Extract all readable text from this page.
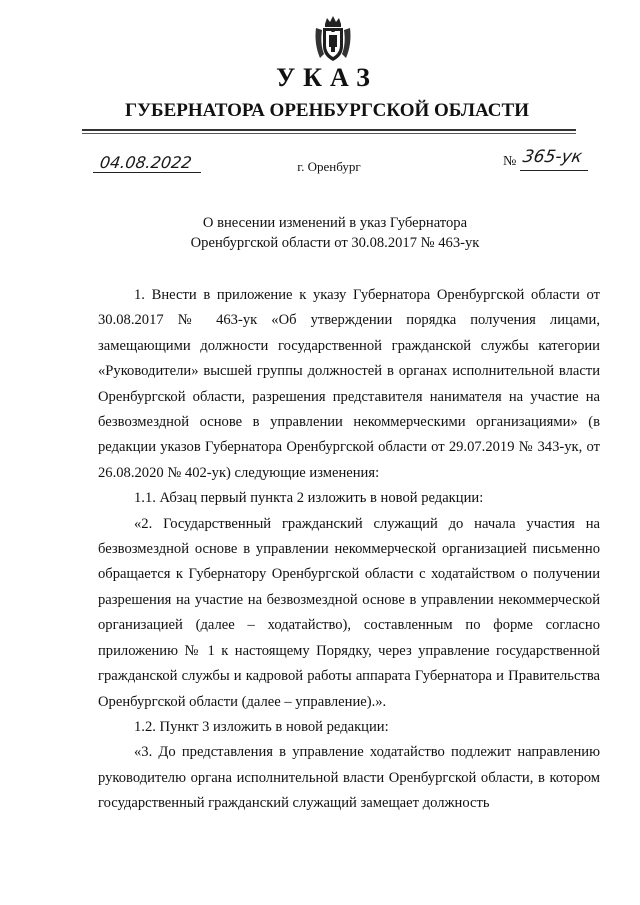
УКАЗ
ГУБЕРНАТОРА ОРЕНБУРГСКОЙ ОБЛАСТИ
04.08.2022	г. Оренбург	№ 365-ук
О внесении изменений в указ Губернатора
Оренбургской области от 30.08.2017 № 463-ук

1. Внести в приложение к указу Губернатора Оренбургской области от 30.08.2017 № 463-ук «Об утверждении порядка получения лицами, замещающими должности государственной гражданской службы категории «Руководители» высшей группы должностей в органах исполнительной власти Оренбургской области, разрешения представителя нанимателя на участие на безвозмездной основе в управлении некоммерческими организациями» (в редакции указов Губернатора Оренбургской области от 29.07.2019 № 343-ук, от 26.08.2020 № 402-ук) следующие изменения:

1.1. Абзац первый пункта 2 изложить в новой редакции:

«2. Государственный гражданский служащий до начала участия на безвозмездной основе в управлении некоммерческой организацией письменно обращается к Губернатору Оренбургской области с ходатайством о получении разрешения на участие на безвозмездной основе в управлении некоммерческой организацией (далее – ходатайство), составленным по форме согласно приложению № 1 к настоящему Порядку, через управление государственной гражданской службы и кадровой работы аппарата Губернатора и Правительства Оренбургской области (далее – управление).».

1.2. Пункт 3 изложить в новой редакции:

«3. До представления в управление ходатайство подлежит направлению руководителю органа исполнительной власти Оренбургской области, в котором государственный гражданский служащий замещает должность
